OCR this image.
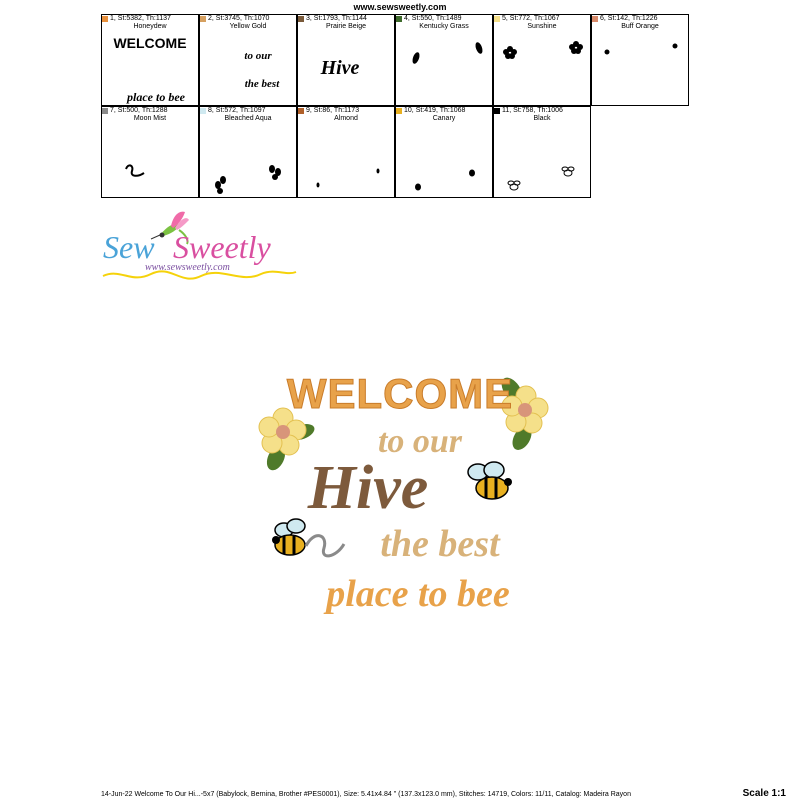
www.sewsweetly.com
1, St:5382, Th:1137
Honeydew
WELCOME
place to bee
2, St:3745, Th:1070
Yellow Gold
to our
the best
3, St:1793, Th:1144
Prairie Beige
Hive
4, St:550, Th:1489
Kentucky Grass
5, St:772, Th:1067
Sunshine
6, St:142, Th:1226
Buff Orange
7, St:500, Th:1288
Moon Mist
8, St:572, Th:1097
Bleached Aqua
9, St:86, Th:1173
Almond
10, St:419, Th:1068
Canary
11, St:758, Th:1006
Black
Sew Sweetly
www.sewsweetly.com
WELCOME
to our
Hive
the best
place to bee
14-Jun-22 Welcome To Our Hi...-5x7 (Babylock, Bernina, Brother #PES0001), Size: 5.41x4.84 " (137.3x123.0 mm), Stitches: 14719, Colors: 11/11, Catalog: Madeira Rayon	Scale 1:1
